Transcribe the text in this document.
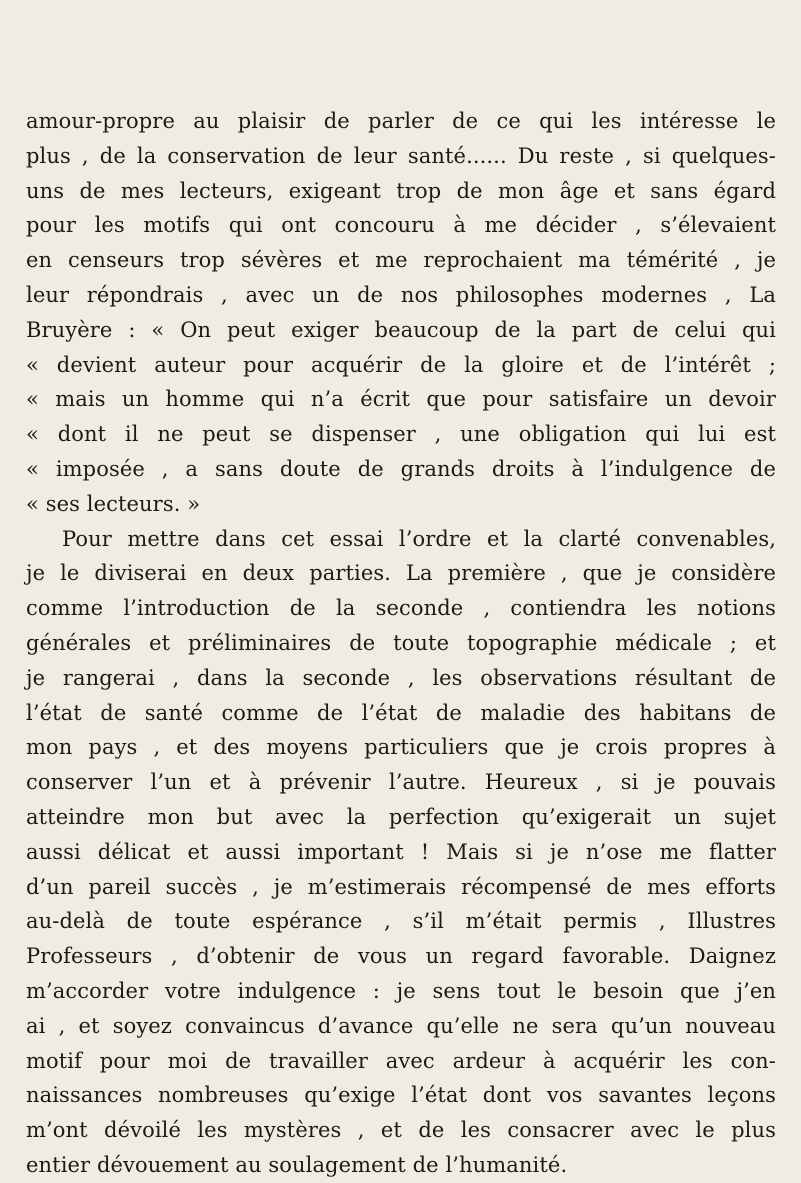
amour-propre au plaisir de parler de ce qui les intéresse le
plus , de la conservation de leur santé...... Du reste , si quelques-
uns de mes lecteurs, exigeant trop de mon âge et sans égard
pour les motifs qui ont concouru à me décider , s’élevaient
en censeurs trop sévères et me reprochaient ma témérité , je
leur répondrais , avec un de nos philosophes modernes , La
Bruyère : « On peut exiger beaucoup de la part de celui qui
« devient auteur pour acquérir de la gloire et de l’intérêt ;
« mais un homme qui n’a écrit que pour satisfaire un devoir
« dont il ne peut se dispenser , une obligation qui lui est
« imposée , a sans doute de grands droits à l’indulgence de
« ses lecteurs. »
Pour mettre dans cet essai l’ordre et la clarté convenables,
je le diviserai en deux parties. La première , que je considère
comme l’introduction de la seconde , contiendra les notions
générales et préliminaires de toute topographie médicale ; et
je rangerai , dans la seconde , les observations résultant de
l’état de santé comme de l’état de maladie des habitans de
mon pays , et des moyens particuliers que je crois propres à
conserver l’un et à prévenir l’autre. Heureux , si je pouvais
atteindre mon but avec la perfection qu’exigerait un sujet
aussi délicat et aussi important ! Mais si je n’ose me flatter
d’un pareil succès , je m’estimerais récompensé de mes efforts
au-delà de toute espérance , s’il m’était permis , Illustres
Professeurs , d’obtenir de vous un regard favorable. Daignez
m’accorder votre indulgence : je sens tout le besoin que j’en
ai , et soyez convaincus d’avance qu’elle ne sera qu’un nouveau
motif pour moi de travailler avec ardeur à acquérir les con-
naissances nombreuses qu’exige l’état dont vos savantes leçons
m’ont dévoilé les mystères , et de les consacrer avec le plus
entier dévouement au soulagement de l’humanité.
